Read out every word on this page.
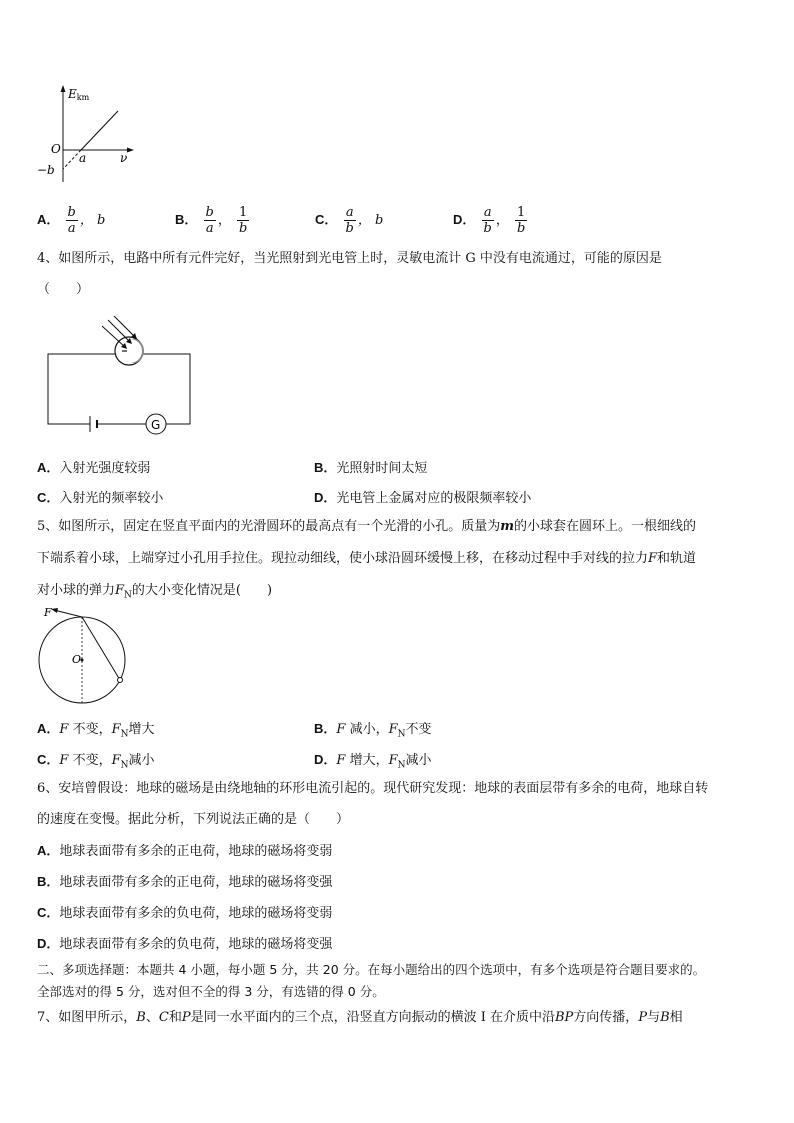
Ekm
O
a	ν
−b
A． $\frac{b}{a}$ ， b	B． $\frac{b}{a}$ ， $\frac{1}{b}$	C． $\frac{a}{b}$ ， b	D． $\frac{a}{b}$ ， $\frac{1}{b}$
4、如图所示，电路中所有元件完好，当光照射到光电管上时，灵敏电流计 G 中没有电流通过，可能的原因是
（　　）
G
A．入射光强度较弱	B．光照射时间太短
C．入射光的频率较小	D．光电管上金属对应的极限频率较小
5、如图所示，固定在竖直平面内的光滑圆环的最高点有一个光滑的小孔。质量为m的小球套在圆环上。一根细线的
下端系着小球，上端穿过小孔用手拉住。现拉动细线，使小球沿圆环缓慢上移，在移动过程中手对线的拉力F和轨道
对小球的弹力$F_N$的大小变化情况是(　　)
F
O
A．F 不变，$F_N$增大	B．F 减小，$F_N$不变
C．F 不变，$F_N$减小	D．F 增大，$F_N$减小
6、安培曾假设：地球的磁场是由绕地轴的环形电流引起的。现代研究发现：地球的表面层带有多余的电荷，地球自转
的速度在变慢。据此分析，下列说法正确的是（　　）
A．地球表面带有多余的正电荷，地球的磁场将变弱
B．地球表面带有多余的正电荷，地球的磁场将变强
C．地球表面带有多余的负电荷，地球的磁场将变弱
D．地球表面带有多余的负电荷，地球的磁场将变强
二、多项选择题：本题共 4 小题，每小题 5 分，共 20 分。在每小题给出的四个选项中，有多个选项是符合题目要求的。
全部选对的得 5 分，选对但不全的得 3 分，有选错的得 0 分。
7、如图甲所示，B、C和P是同一水平面内的三个点，沿竖直方向振动的横波 I 在介质中沿BP方向传播，P与B相
